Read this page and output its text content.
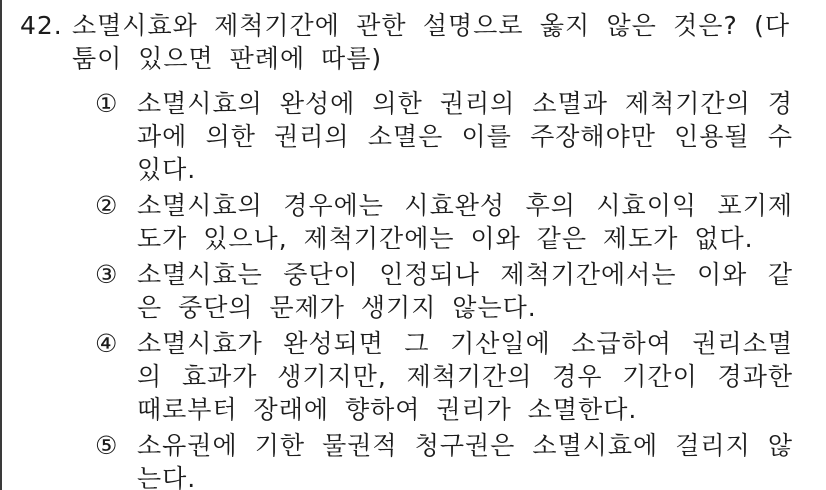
42. 소멸시효와 제척기간에 관한 설명으로 옳지 않은 것은? (다툼이 있으면 판례에 따름)
① 소멸시효의 완성에 의한 권리의 소멸과 제척기간의 경과에 의한 권리의 소멸은 이를 주장해야만 인용될 수 있다.
② 소멸시효의 경우에는 시효완성 후의 시효이익 포기제도가 있으나, 제척기간에는 이와 같은 제도가 없다.
③ 소멸시효는 중단이 인정되나 제척기간에서는 이와 같은 중단의 문제가 생기지 않는다.
④ 소멸시효가 완성되면 그 기산일에 소급하여 권리소멸의 효과가 생기지만, 제척기간의 경우 기간이 경과한 때로부터 장래에 향하여 권리가 소멸한다.
⑤ 소유권에 기한 물권적 청구권은 소멸시효에 걸리지 않는다.
